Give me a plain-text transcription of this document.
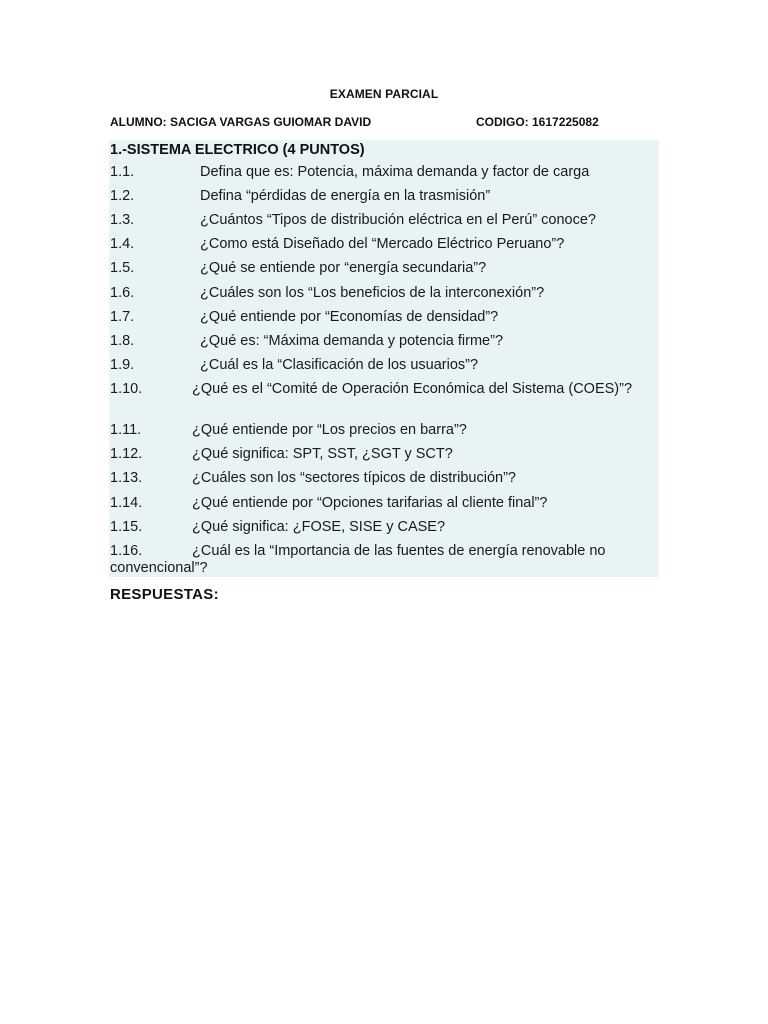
EXAMEN PARCIAL
ALUMNO: SACIGA VARGAS GUIOMAR DAVID	CODIGO: 1617225082
1.-SISTEMA ELECTRICO (4 PUNTOS)
1.1.	Defina que es: Potencia, máxima demanda y factor de carga
1.2.	Defina “pérdidas de energía en la trasmisión”
1.3.	¿Cuántos “Tipos de distribución eléctrica en el Perú” conoce?
1.4.	¿Como está Diseñado del “Mercado Eléctrico Peruano”?
1.5.	¿Qué se entiende por “energía secundaria”?
1.6.	¿Cuáles son los “Los beneficios de la interconexión”?
1.7.	¿Qué entiende por “Economías de densidad”?
1.8.	¿Qué es: “Máxima demanda y potencia firme”?
1.9.	¿Cuál es la “Clasificación de los usuarios”?
1.10.	¿Qué es el “Comité de Operación Económica del Sistema (COES)”?
1.11.	¿Qué entiende por “Los precios en barra”?
1.12.	¿Qué significa: SPT, SST, ¿SGT y SCT?
1.13.	¿Cuáles son los “sectores típicos de distribución”?
1.14.	¿Qué entiende por “Opciones tarifarias al cliente final”?
1.15.	¿Qué significa: ¿FOSE, SISE y CASE?
1.16.	¿Cuál es la “Importancia de las fuentes de energía renovable no convencional”?
RESPUESTAS:
